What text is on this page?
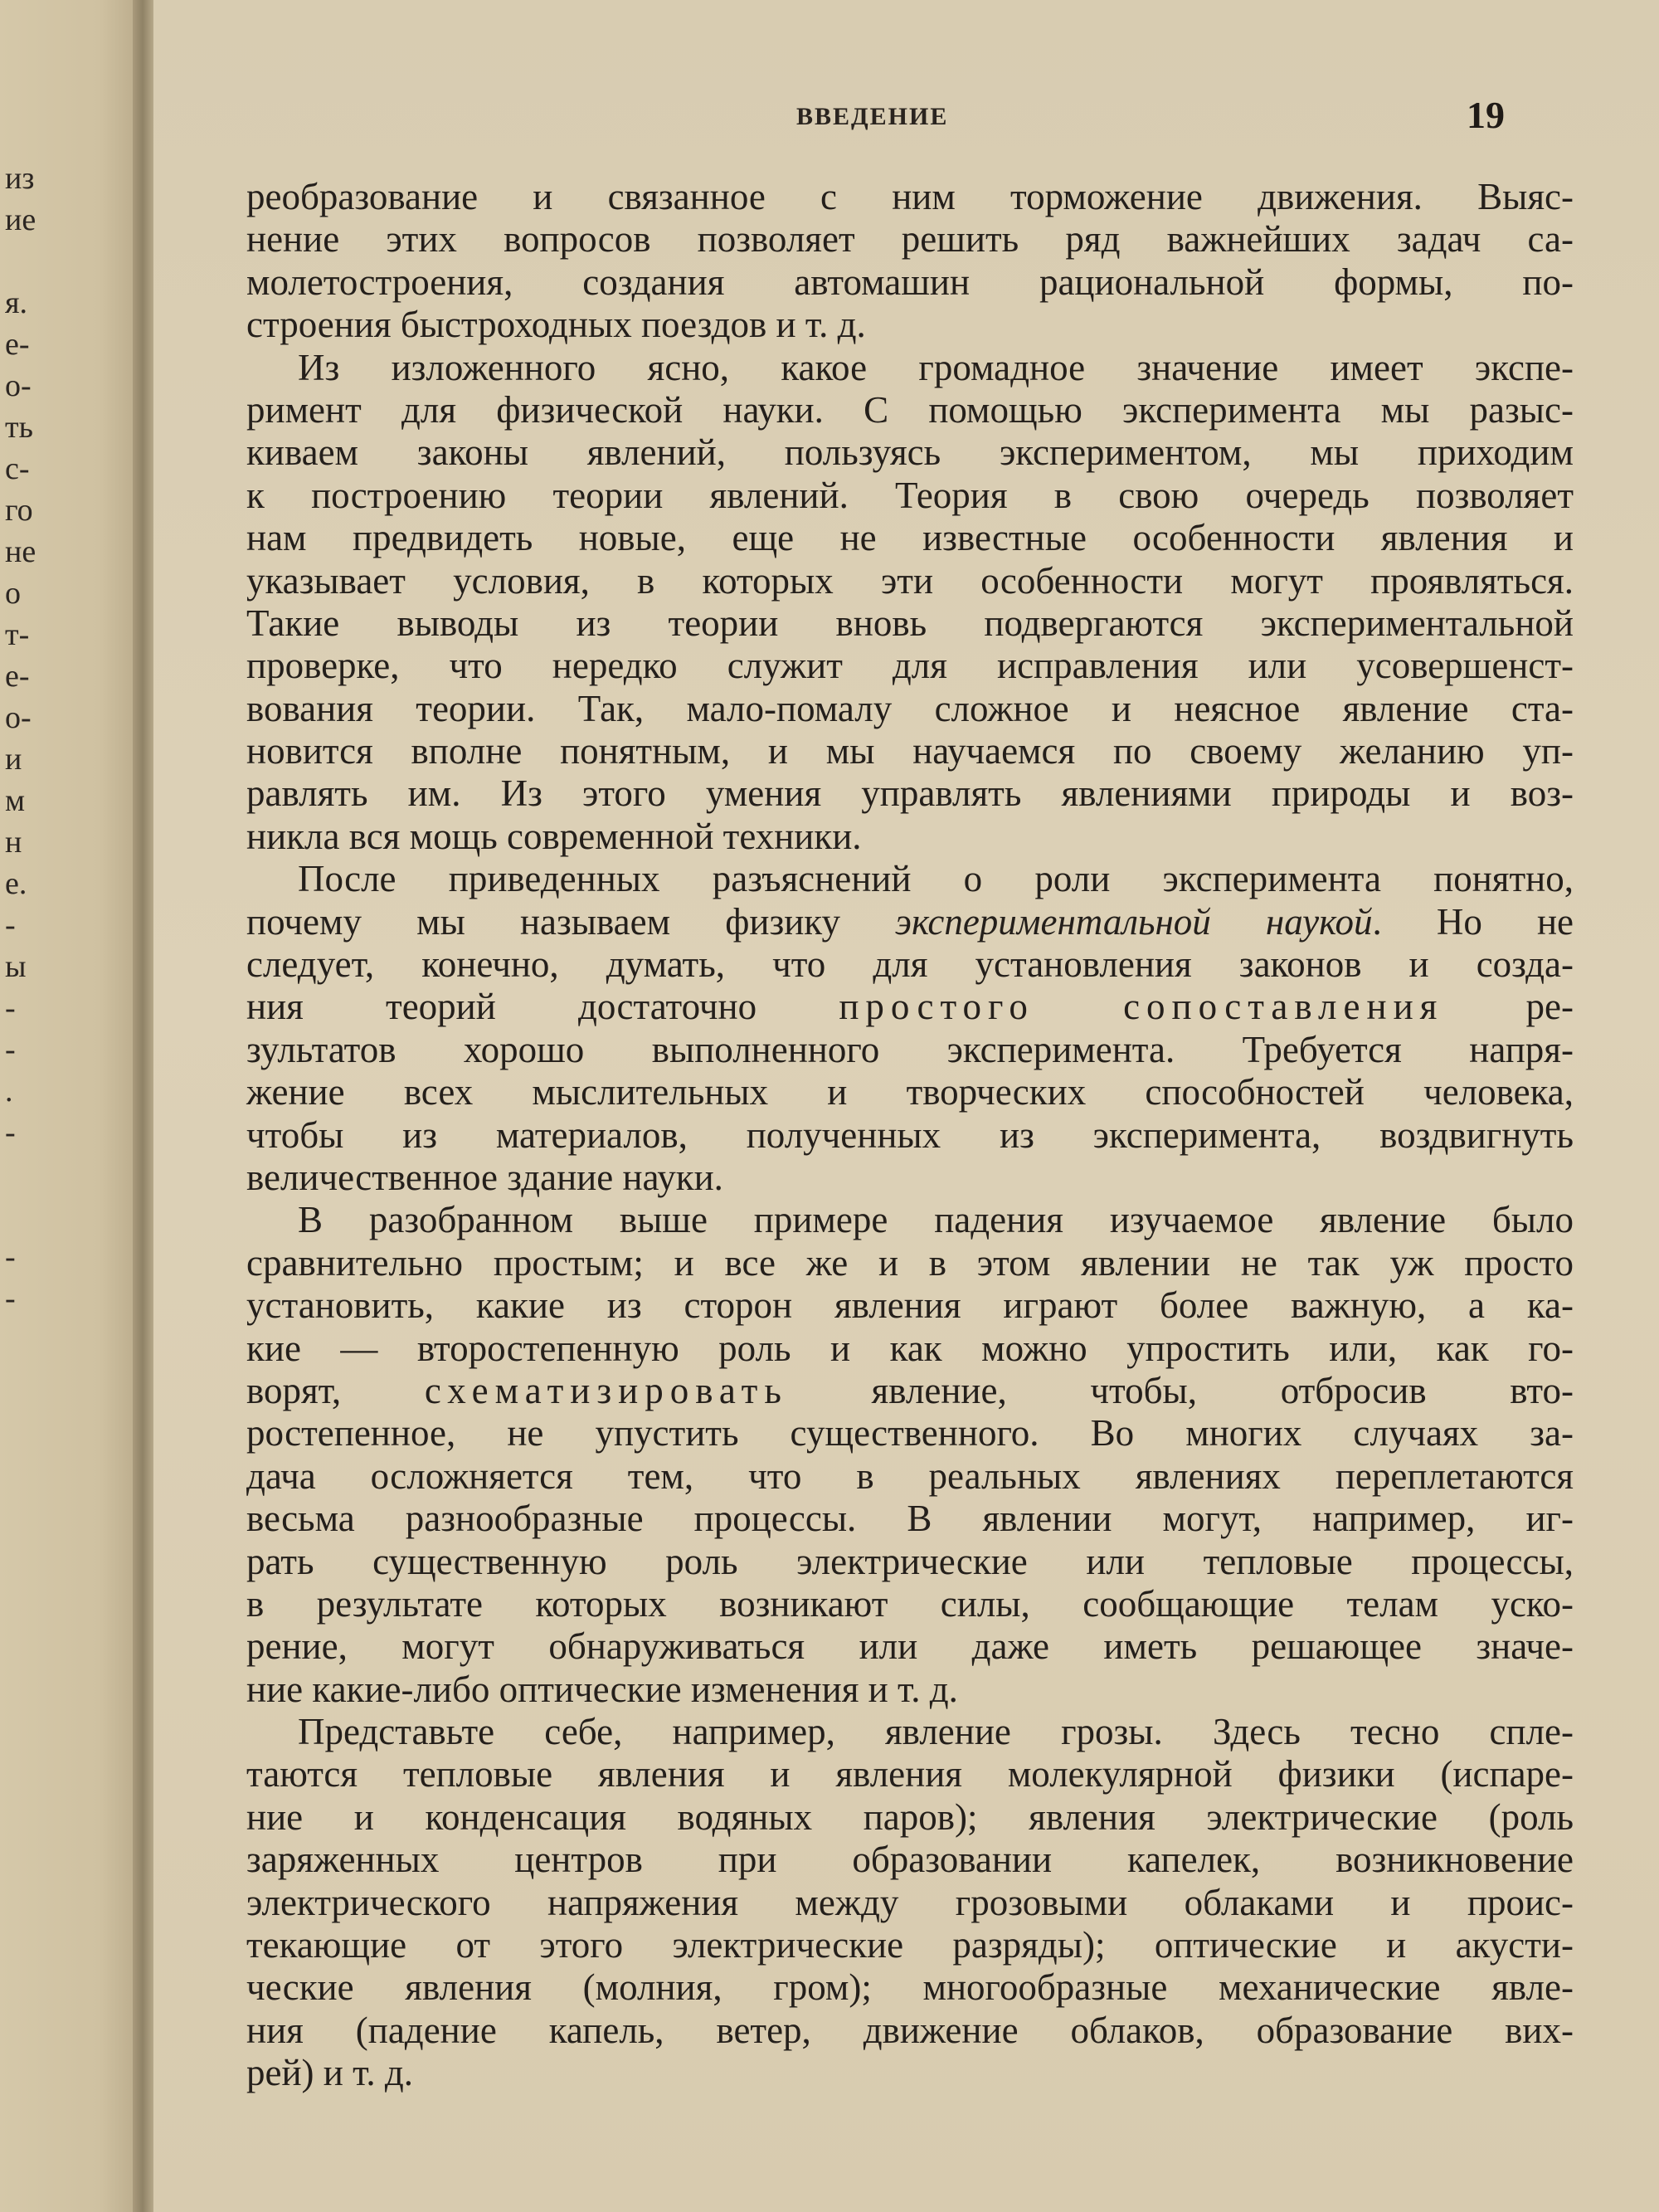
из
ие
я.
е-
о-
ть
с-
го
не
о
т-
е-
о-
и
м
н
е.
-
ы
-
-
.
-
-
-
ВВЕДЕНИЕ	19
реобразование и связанное с ним торможение движения. Выяс-
нение этих вопросов позволяет решить ряд важнейших задач са-
молетостроения, создания автомашин рациональной формы, по-
строения быстроходных поездов и т. д.
Из изложенного ясно, какое громадное значение имеет экспе-
римент для физической науки. С помощью эксперимента мы разыс-
киваем законы явлений, пользуясь экспериментом, мы приходим
к построению теории явлений. Теория в свою очередь позволяет
нам предвидеть новые, еще не известные особенности явления и
указывает условия, в которых эти особенности могут проявляться.
Такие выводы из теории вновь подвергаются экспериментальной
проверке, что нередко служит для исправления или усовершенст-
вования теории. Так, мало-помалу сложное и неясное явление ста-
новится вполне понятным, и мы научаемся по своему желанию уп-
равлять им. Из этого умения управлять явлениями природы и воз-
никла вся мощь современной техники.
После приведенных разъяснений о роли эксперимента понятно,
почему мы называем физику экспериментальной наукой. Но не
следует, конечно, думать, что для установления законов и созда-
ния теорий достаточно простого сопоставления ре-
зультатов хорошо выполненного эксперимента. Требуется напря-
жение всех мыслительных и творческих способностей человека,
чтобы из материалов, полученных из эксперимента, воздвигнуть
величественное здание науки.
В разобранном выше примере падения изучаемое явление было
сравнительно простым; и все же и в этом явлении не так уж просто
установить, какие из сторон явления играют более важную, а ка-
кие — второстепенную роль и как можно упростить или, как го-
ворят, схематизировать явление, чтобы, отбросив вто-
ростепенное, не упустить существенного. Во многих случаях за-
дача осложняется тем, что в реальных явлениях переплетаются
весьма разнообразные процессы. В явлении могут, например, иг-
рать существенную роль электрические или тепловые процессы,
в результате которых возникают силы, сообщающие телам уско-
рение, могут обнаруживаться или даже иметь решающее значе-
ние какие-либо оптические изменения и т. д.
Представьте себе, например, явление грозы. Здесь тесно спле-
таются тепловые явления и явления молекулярной физики (испаре-
ние и конденсация водяных паров); явления электрические (роль
заряженных центров при образовании капелек, возникновение
электрического напряжения между грозовыми облаками и проис-
текающие от этого электрические разряды); оптические и акусти-
ческие явления (молния, гром); многообразные механические явле-
ния (падение капель, ветер, движение облаков, образование вих-
рей) и т. д.
